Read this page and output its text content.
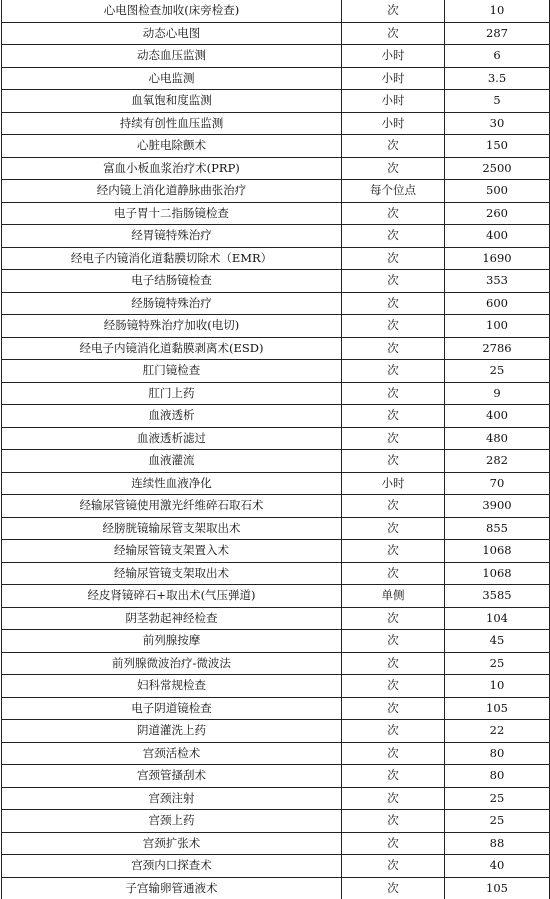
心电图检查加收(床旁检查)	次	10
动态心电图	次	287
动态血压监测	小时	6
心电监测	小时	3.5
血氧饱和度监测	小时	5
持续有创性血压监测	小时	30
心脏电除颤术	次	150
富血小板血浆治疗术(PRP)	次	2500
经内镜上消化道静脉曲张治疗	每个位点	500
电子胃十二指肠镜检查	次	260
经胃镜特殊治疗	次	400
经电子内镜消化道黏膜切除术（EMR）	次	1690
电子结肠镜检查	次	353
经肠镜特殊治疗	次	600
经肠镜特殊治疗加收(电切)	次	100
经电子内镜消化道黏膜剥离术(ESD)	次	2786
肛门镜检查	次	25
肛门上药	次	9
血液透析	次	400
血液透析滤过	次	480
血液灌流	次	282
连续性血液净化	小时	70
经输尿管镜使用激光纤维碎石取石术	次	3900
经膀胱镜输尿管支架取出术	次	855
经输尿管镜支架置入术	次	1068
经输尿管镜支架取出术	次	1068
经皮肾镜碎石+取出术(气压弹道)	单侧	3585
阴茎勃起神经检查	次	104
前列腺按摩	次	45
前列腺微波治疗-微波法	次	25
妇科常规检查	次	10
电子阴道镜检查	次	105
阴道灌洗上药	次	22
宫颈活检术	次	80
宫颈管搔刮术	次	80
宫颈注射	次	25
宫颈上药	次	25
宫颈扩张术	次	88
宫颈内口探查术	次	40
子宫输卵管通液术	次	105
